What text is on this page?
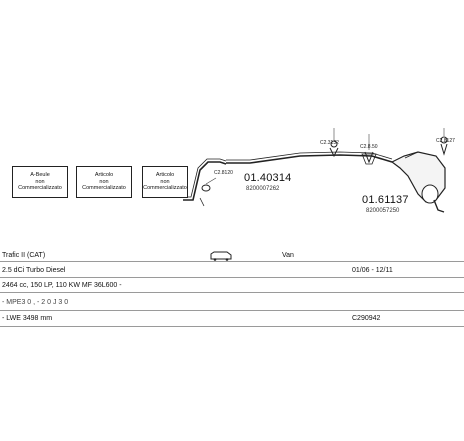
A-Beule
non
Commercializzato
Articolo
non
Commercializzato
Articolo
non
Commercializzato
C2.8120 01.40314
8200007262
C2.3132
C2.8.50
C2.8127
01.61137
8200057250
Trafic II (CAT)	Van
2.5 dCi Turbo Diesel	01/06 - 12/11
2464 cc, 150 LP, 110 KW MF 36L600 -
- MPE3 0 , - 2 0 J 3 0
- LWE 3498 mm	C290942
